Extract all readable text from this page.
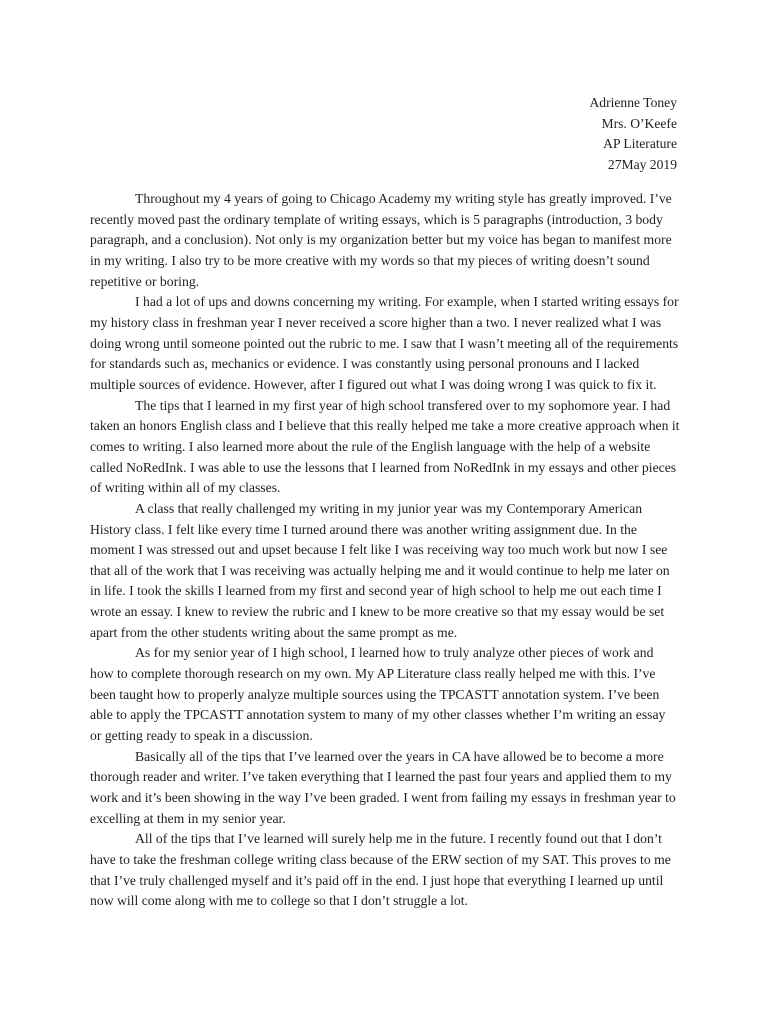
Adrienne Toney
Mrs. O’Keefe
AP Literature
27May 2019

Throughout my 4 years of going to Chicago Academy my writing style has greatly improved. I’ve recently moved past the ordinary template of writing essays, which is 5 paragraphs (introduction, 3 body paragraph, and a conclusion). Not only is my organization better but my voice has began to manifest more in my writing. I also try to be more creative with my words so that my pieces of writing doesn’t sound repetitive or boring.

I had a lot of ups and downs concerning my writing. For example, when I started writing essays for my history class in freshman year I never received a score higher than a two. I never realized what I was doing wrong until someone pointed out the rubric to me. I saw that I wasn’t meeting all of the requirements for standards such as, mechanics or evidence. I was constantly using personal pronouns and I lacked multiple sources of evidence. However, after I figured out what I was doing wrong I was quick to fix it.

The tips that I learned in my first year of high school transfered over to my sophomore year. I had taken an honors English class and I believe that this really helped me take a more creative approach when it comes to writing. I also learned more about the rule of the English language with the help of a website called NoRedInk. I was able to use the lessons that I learned from NoRedInk in my essays and other pieces of writing within all of my classes.

A class that really challenged my writing in my junior year was my Contemporary American History class. I felt like every time I turned around there was another writing assignment due. In the moment I was stressed out and upset because I felt like I was receiving way too much work but now I see that all of the work that I was receiving was actually helping me and it would continue to help me later on in life. I took the skills I learned from my first and second year of high school to help me out each time I wrote an essay. I knew to review the rubric and I knew to be more creative so that my essay would be set apart from the other students writing about the same prompt as me.

As for my senior year of I high school, I learned how to truly analyze other pieces of work and how to complete thorough research on my own. My AP Literature class really helped me with this. I’ve been taught how to properly analyze multiple sources using the TPCASTT annotation system. I’ve been able to apply the TPCASTT annotation system to many of my other classes whether I’m writing an essay or getting ready to speak in a discussion.

Basically all of the tips that I’ve learned over the years in CA have allowed be to become a more thorough reader and writer. I’ve taken everything that I learned the past four years and applied them to my work and it’s been showing in the way I’ve been graded. I went from failing my essays in freshman year to excelling at them in my senior year.

All of the tips that I’ve learned will surely help me in the future. I recently found out that I don’t have to take the freshman college writing class because of the ERW section of my SAT. This proves to me that I’ve truly challenged myself and it’s paid off in the end. I just hope that everything I learned up until now will come along with me to college so that I don’t struggle a lot.
